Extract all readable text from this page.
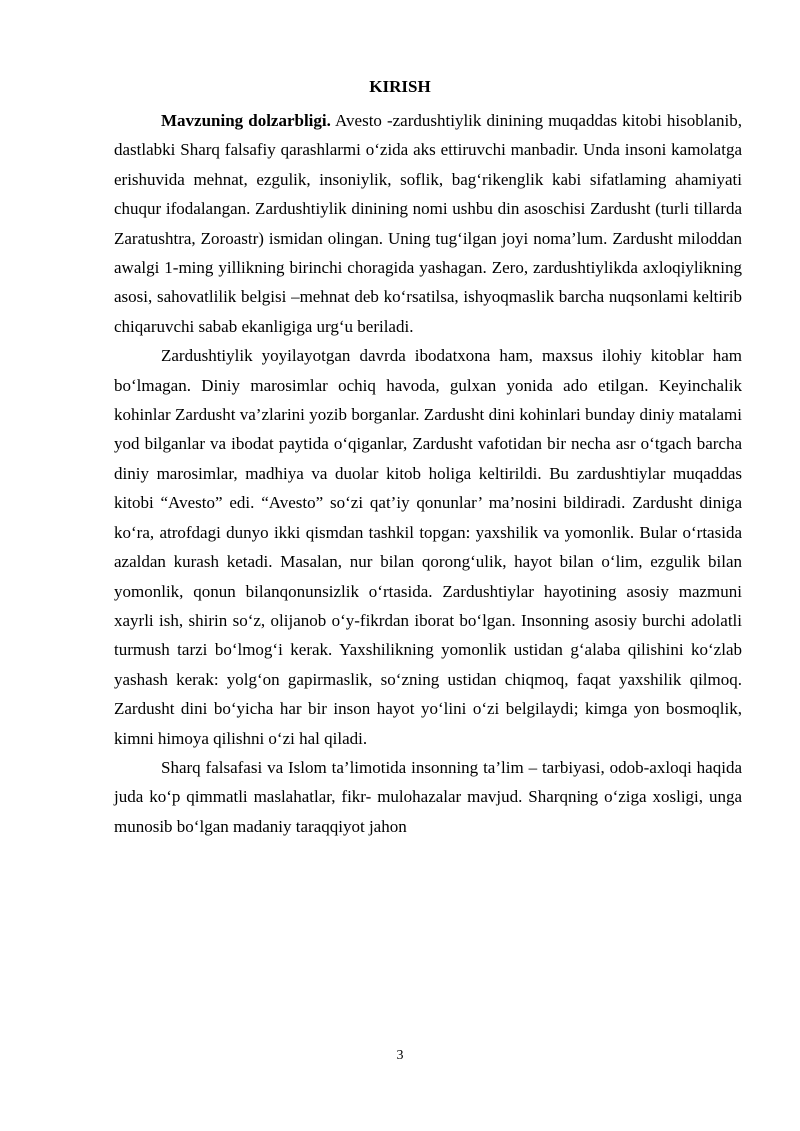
KIRISH

Mavzuning dolzarbligi. Avesto -zardushtiylik dinining muqaddas kitobi hisoblanib, dastlabki Sharq falsafiy qarashlarmi o‘zida aks ettiruvchi manbadir. Unda insoni kamolatga erishuvida mehnat, ezgulik, insoniylik, soflik, bag‘rikenglik kabi sifatlaming ahamiyati chuqur ifodalangan. Zardushtiylik dinining nomi ushbu din asoschisi Zardusht (turli tillarda Zaratushtra, Zoroastr) ismidan olingan. Uning tug‘ilgan joyi noma’lum. Zardusht miloddan awalgi 1-ming yillikning birinchi choragida yashagan. Zero, zardushtiylikda axloqiylikning asosi, sahovatlilik belgisi –mehnat deb ko‘rsatilsa, ishyoqmaslik barcha nuqsonlami keltirib chiqaruvchi sabab ekanligiga urg‘u beriladi.

Zardushtiylik yoyilayotgan davrda ibodatxona ham, maxsus ilohiy kitoblar ham bo‘lmagan. Diniy marosimlar ochiq havoda, gulxan yonida ado etilgan. Keyinchalik kohinlar Zardusht va’zlarini yozib borganlar. Zardusht dini kohinlari bunday diniy matalami yod bilganlar va ibodat paytida o‘qiganlar, Zardusht vafotidan bir necha asr o‘tgach barcha diniy marosimlar, madhiya va duolar kitob holiga keltirildi. Bu zardushtiylar muqaddas kitobi “Avesto” edi. “Avesto” so‘zi qat’iy qonunlar’ ma’nosini bildiradi. Zardusht diniga ko‘ra, atrofdagi dunyo ikki qismdan tashkil topgan: yaxshilik va yomonlik. Bular o‘rtasida azaldan kurash ketadi. Masalan, nur bilan qorong‘ulik, hayot bilan o‘lim, ezgulik bilan yomonlik, qonun bilanqonunsizlik o‘rtasida. Zardushtiylar hayotining asosiy mazmuni xayrli ish, shirin so‘z, olijanob o‘y-fikrdan iborat bo‘lgan. Insonning asosiy burchi adolatli turmush tarzi bo‘lmog‘i kerak. Yaxshilikning yomonlik ustidan g‘alaba qilishini ko‘zlab yashash kerak: yolg‘on gapirmaslik, so‘zning ustidan chiqmoq, faqat yaxshilik qilmoq. Zardusht dini bo‘yicha har bir inson hayot yo‘lini o‘zi belgilaydi; kimga yon bosmoqlik, kimni himoya qilishni o‘zi hal qiladi.

Sharq falsafasi va Islom ta’limotida insonning ta’lim – tarbiyasi, odob-axloqi haqida juda ko‘p qimmatli maslahatlar, fikr- mulohazalar mavjud. Sharqning o‘ziga xosligi, unga munosib bo‘lgan madaniy taraqqiyot jahon

3
